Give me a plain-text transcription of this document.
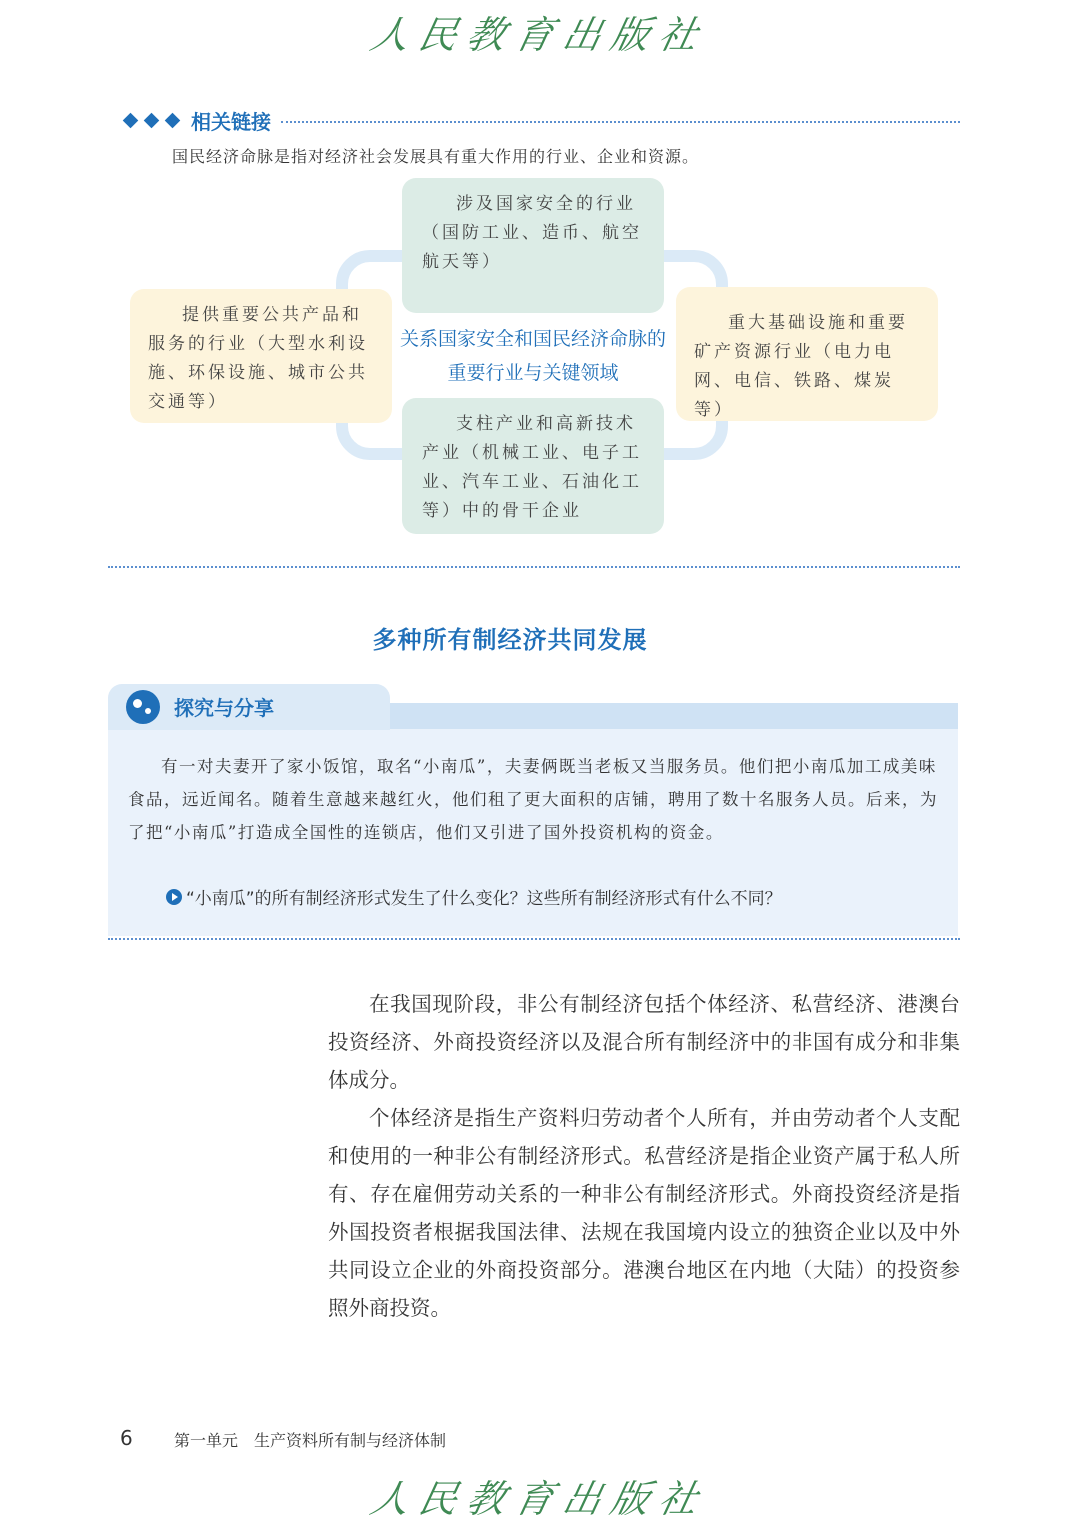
人民教育出版社
相关链接
国民经济命脉是指对经济社会发展具有重大作用的行业、企业和资源。

涉及国家安全的行业（国防工业、造币、航空航天等）

提供重要公共产品和服务的行业（大型水利设施、环保设施、城市公共交通等）

重大基础设施和重要矿产资源行业（电力电网、电信、铁路、煤炭等）

支柱产业和高新技术产业（机械工业、电子工业、汽车工业、石油化工等）中的骨干企业

关系国家安全和国民经济命脉的重要行业与关键领域
多种所有制经济共同发展
探究与分享

有一对夫妻开了家小饭馆，取名“小南瓜”，夫妻俩既当老板又当服务员。他们把小南瓜加工成美味食品，远近闻名。随着生意越来越红火，他们租了更大面积的店铺，聘用了数十名服务人员。后来，为了把“小南瓜”打造成全国性的连锁店，他们又引进了国外投资机构的资金。

“小南瓜”的所有制经济形式发生了什么变化？这些所有制经济形式有什么不同？

在我国现阶段，非公有制经济包括个体经济、私营经济、港澳台投资经济、外商投资经济以及混合所有制经济中的非国有成分和非集体成分。

个体经济是指生产资料归劳动者个人所有，并由劳动者个人支配和使用的一种非公有制经济形式。私营经济是指企业资产属于私人所有、存在雇佣劳动关系的一种非公有制经济形式。外商投资经济是指外国投资者根据我国法律、法规在我国境内设立的独资企业以及中外共同设立企业的外商投资部分。港澳台地区在内地（大陆）的投资参照外商投资。

6	第一单元　生产资料所有制与经济体制
人民教育出版社
